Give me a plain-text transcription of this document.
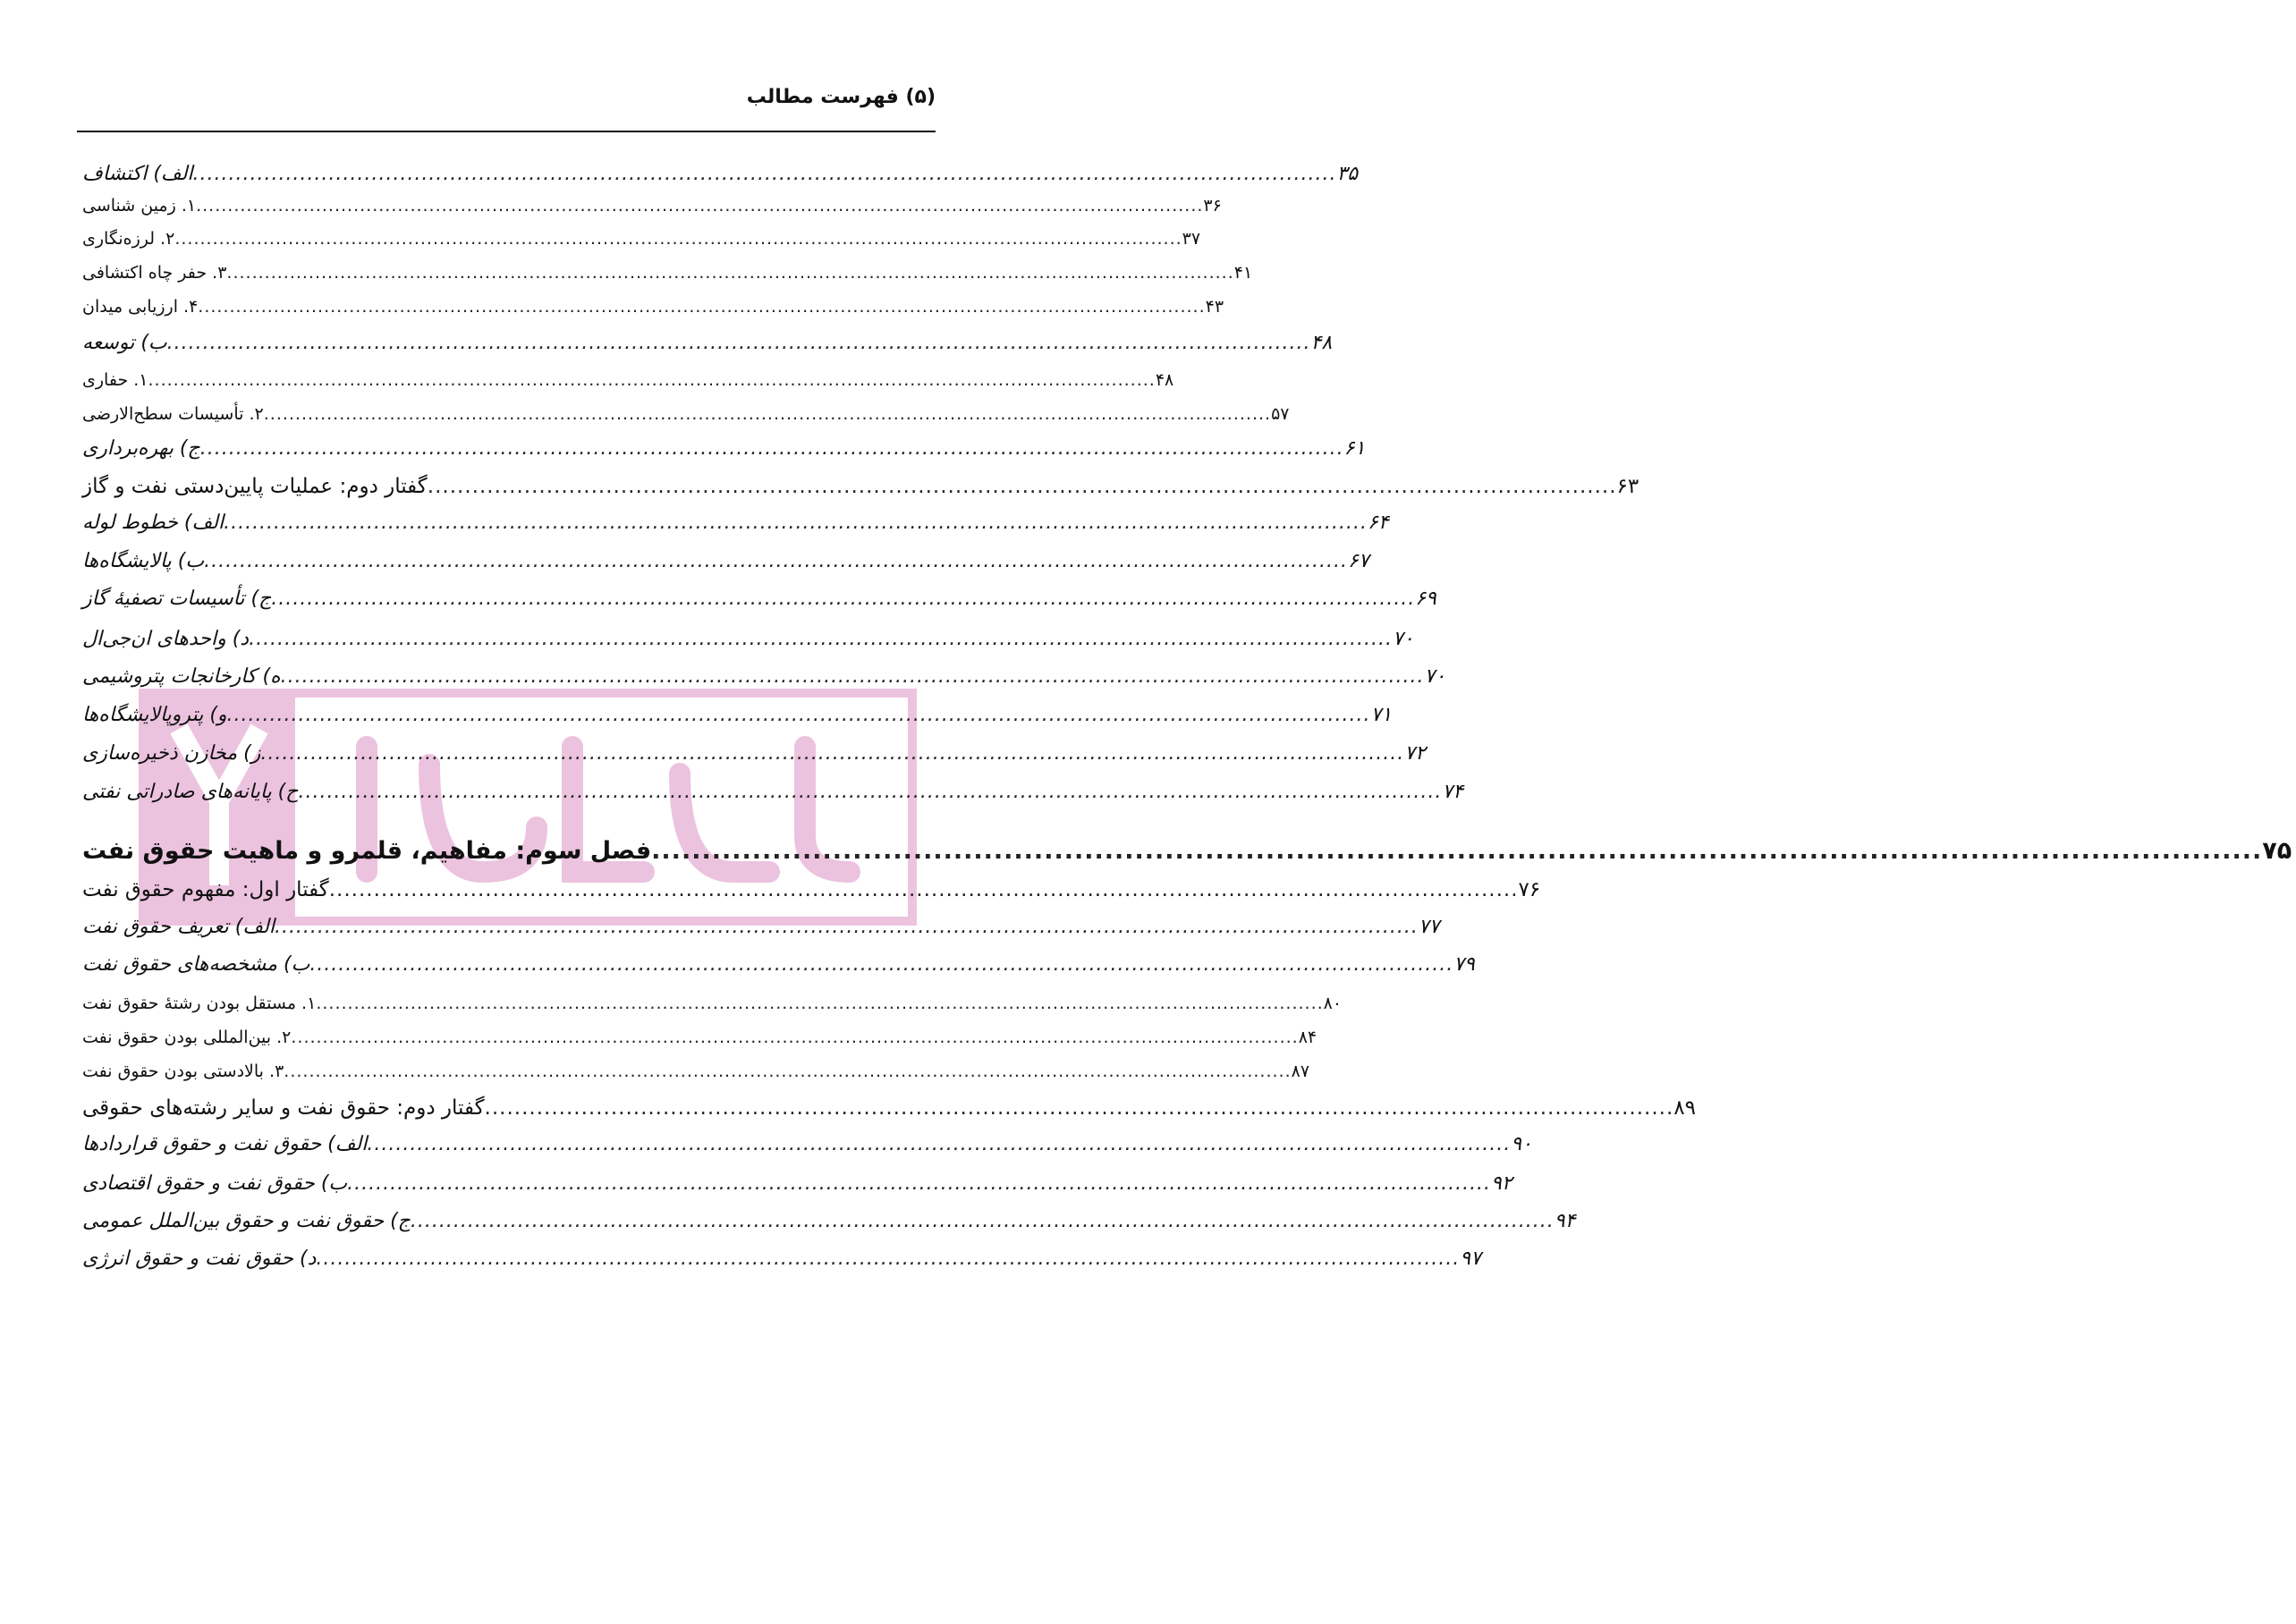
(۵) فهرست مطالب
الف) اکتشاف ................................................................................................................................................................ ۳۵
۱. زمین شناسی ................................................................................................................................................................ ۳۶
۲. لرزه‌نگاری ................................................................................................................................................................ ۳۷
۳. حفر چاه اکتشافی ................................................................................................................................................................ ۴۱
۴. ارزیابی میدان ................................................................................................................................................................ ۴۳
ب) توسعه ................................................................................................................................................................ ۴۸
۱. حفاری ................................................................................................................................................................ ۴۸
۲. تأسیسات سطح‌الارضی ................................................................................................................................................................ ۵۷
ج) بهره‌برداری ................................................................................................................................................................ ۶۱
گفتار دوم: عملیات پایین‌دستی نفت و گاز ................................................................................................................................................................ ۶۳
الف) خطوط لوله ................................................................................................................................................................ ۶۴
ب) پالایشگاه‌ها ................................................................................................................................................................ ۶۷
ج) تأسیسات تصفیهٔ گاز ................................................................................................................................................................ ۶۹
د) واحدهای ان‌جی‌ال ................................................................................................................................................................ ۷۰
ه) کارخانجات پتروشیمی ................................................................................................................................................................ ۷۰
و) پتروپالایشگاه‌ها ................................................................................................................................................................ ۷۱
ز) مخازن ذخیره‌سازی ................................................................................................................................................................ ۷۲
ح) پایانه‌های صادراتی نفتی ................................................................................................................................................................ ۷۴
فصل سوم: مفاهیم، قلمرو و ماهیت حقوق نفت ................................................................................................................................................................ ۷۵
گفتار اول: مفهوم حقوق نفت ................................................................................................................................................................ ۷۶
الف) تعریف حقوق نفت ................................................................................................................................................................ ۷۷
ب) مشخصه‌های حقوق نفت ................................................................................................................................................................ ۷۹
۱. مستقل بودن رشتهٔ حقوق نفت ................................................................................................................................................................ ۸۰
۲. بین‌المللی بودن حقوق نفت ................................................................................................................................................................ ۸۴
۳. بالادستی بودن حقوق نفت ................................................................................................................................................................ ۸۷
گفتار دوم: حقوق نفت و سایر رشته‌های حقوقی ................................................................................................................................................................ ۸۹
الف) حقوق نفت و حقوق قراردادها ................................................................................................................................................................ ۹۰
ب) حقوق نفت و حقوق اقتصادی ................................................................................................................................................................ ۹۲
ج) حقوق نفت و حقوق بین‌الملل عمومی ................................................................................................................................................................ ۹۴
د) حقوق نفت و حقوق انرژی ................................................................................................................................................................ ۹۷
